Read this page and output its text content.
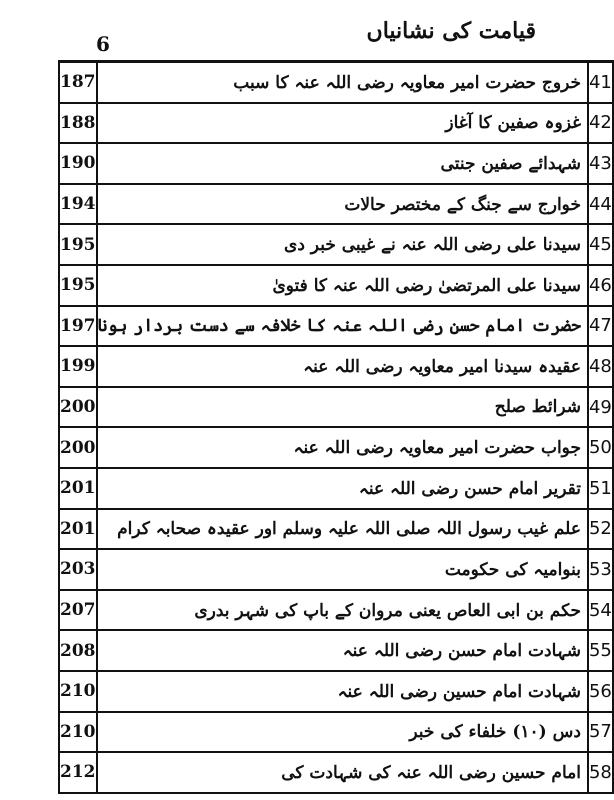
6	قیامت کی نشانیاں
187	خروج حضرت امیر معاویہ رضی اللہ عنہ کا سبب	41
188	غزوہ صفین کا آغاز	42
190	شہدائے صفین جنتی	43
194	خوارج سے جنگ کے مختصر حالات	44
195	سیدنا علی رضی اللہ عنہ نے غیبی خبر دی	45
195	سیدنا علی المرتضیٰ رضی اللہ عنہ کا فتویٰ	46
197	حضرت امام حسن رضی اللہ عنہ کا خلافہ سے دست بردار ہونا	47
199	عقیدہ سیدنا امیر معاویہ رضی اللہ عنہ	48
200	شرائط صلح	49
200	جواب حضرت امیر معاویہ رضی اللہ عنہ	50
201	تقریر امام حسن رضی اللہ عنہ	51
201	علم غیب رسول اللہ صلی اللہ علیہ وسلم اور عقیدہ صحابہ کرام	52
203	بنوامیہ کی حکومت	53
207	حکم بن ابی العاص یعنی مروان کے باپ کی شہر بدری	54
208	شہادت امام حسن رضی اللہ عنہ	55
210	شہادت امام حسین رضی اللہ عنہ	56
210	دس (١٠) خلفاء کی خبر	57
212	امام حسین رضی اللہ عنہ کی شہادت کی	58
